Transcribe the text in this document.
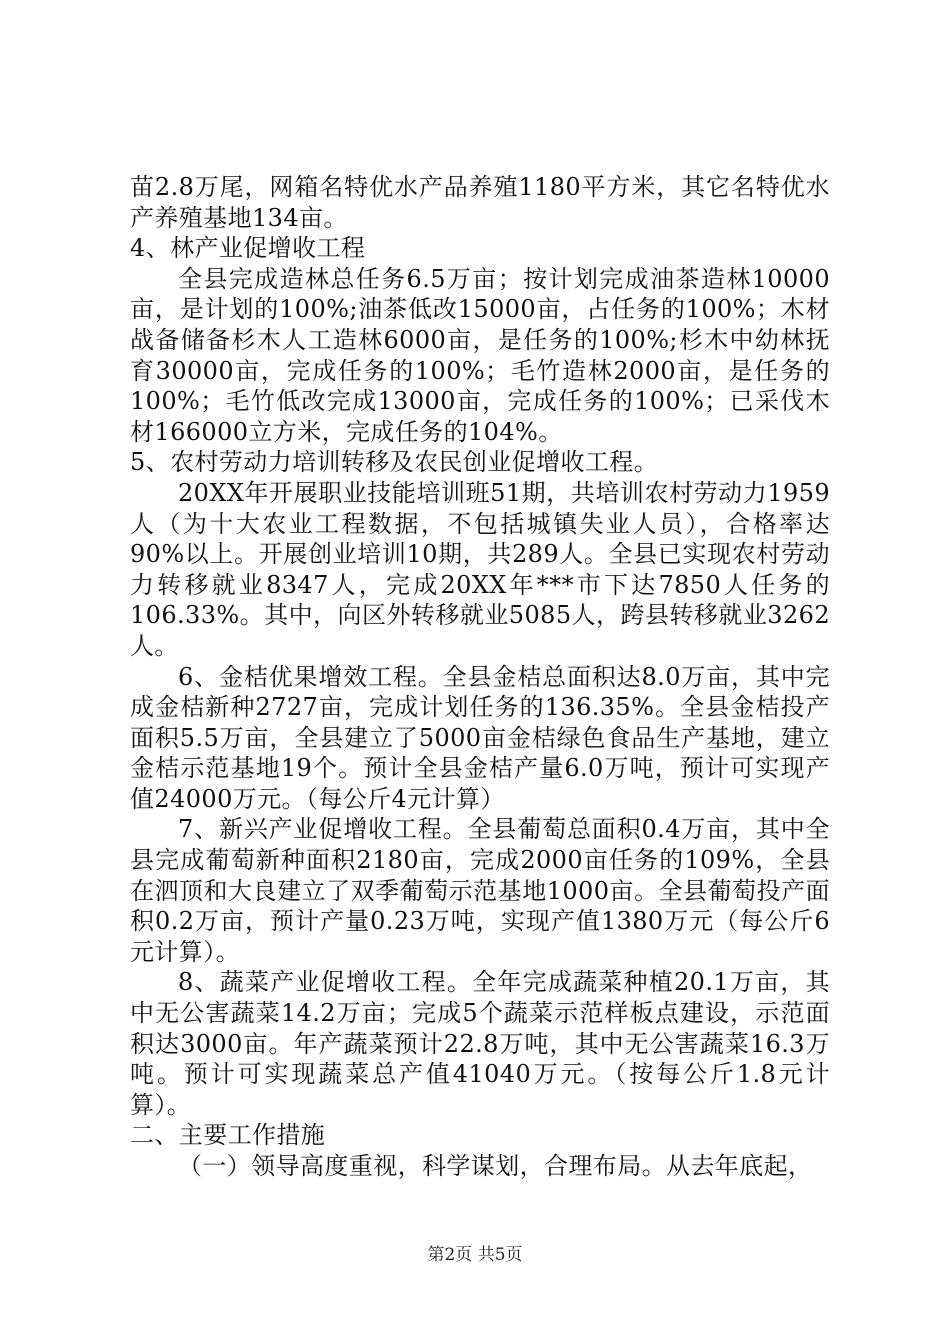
苗2.8万尾，网箱名特优水产品养殖1180平方米，其它名特优水产养殖基地134亩。

4、林产业促增收工程

全县完成造林总任务6.5万亩；按计划完成油茶造林10000亩，是计划的100%;油茶低改15000亩，占任务的100%；木材战备储备杉木人工造林6000亩，是任务的100%;杉木中幼林抚育30000亩，完成任务的100%；毛竹造林2000亩，是任务的100%；毛竹低改完成13000亩，完成任务的100%；已采伐木材166000立方米，完成任务的104%。

5、农村劳动力培训转移及农民创业促增收工程。

20XX年开展职业技能培训班51期，共培训农村劳动力1959人（为十大农业工程数据，不包括城镇失业人员），合格率达90%以上。开展创业培训10期，共289人。全县已实现农村劳动力转移就业8347人，完成20XX年***市下达7850人任务的106.33%。其中，向区外转移就业5085人，跨县转移就业3262人。

6、金桔优果增效工程。全县金桔总面积达8.0万亩，其中完成金桔新种2727亩，完成计划任务的136.35%。全县金桔投产面积5.5万亩，全县建立了5000亩金桔绿色食品生产基地，建立金桔示范基地19个。预计全县金桔产量6.0万吨，预计可实现产值24000万元。（每公斤4元计算）

7、新兴产业促增收工程。全县葡萄总面积0.4万亩，其中全县完成葡萄新种面积2180亩，完成2000亩任务的109%，全县在泗顶和大良建立了双季葡萄示范基地1000亩。全县葡萄投产面积0.2万亩，预计产量0.23万吨，实现产值1380万元（每公斤6元计算）。

8、蔬菜产业促增收工程。全年完成蔬菜种植20.1万亩，其中无公害蔬菜14.2万亩；完成5个蔬菜示范样板点建设，示范面积达3000亩。年产蔬菜预计22.8万吨，其中无公害蔬菜16.3万吨。预计可实现蔬菜总产值41040万元。（按每公斤1.8元计算）。

二、主要工作措施

（一）领导高度重视，科学谋划，合理布局。从去年底起，

第2页 共5页
